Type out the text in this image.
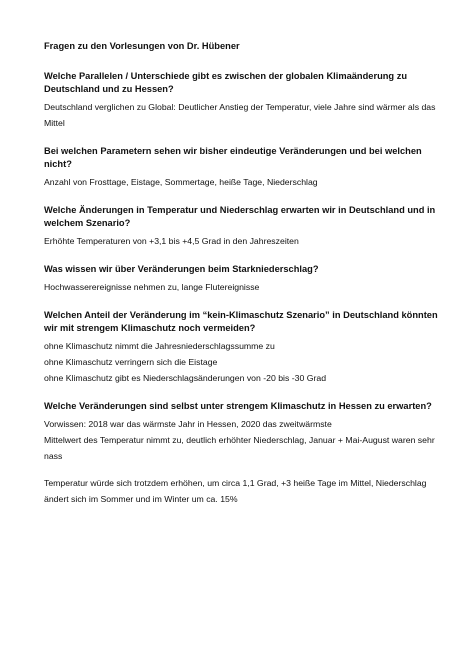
Fragen zu den Vorlesungen von Dr. Hübener
Welche Parallelen / Unterschiede gibt es zwischen der globalen Klimaänderung zu Deutschland und zu Hessen?

Deutschland verglichen zu Global: Deutlicher Anstieg der Temperatur, viele Jahre sind wärmer als das Mittel

Bei welchen Parametern sehen wir bisher eindeutige Veränderungen und bei welchen nicht?

Anzahl von Frosttage, Eistage, Sommertage, heiße Tage, Niederschlag

Welche Änderungen in Temperatur und Niederschlag erwarten wir in Deutschland und in welchem Szenario?

Erhöhte Temperaturen von +3,1 bis +4,5 Grad in den Jahreszeiten

Was wissen wir über Veränderungen beim Starkniederschlag?

Hochwasserereignisse nehmen zu, lange Flutereignisse

Welchen Anteil der Veränderung im “kein-Klimaschutz Szenario” in Deutschland könnten wir mit strengem Klimaschutz noch vermeiden?

ohne Klimaschutz nimmt die Jahresniederschlagssumme zu

ohne Klimaschutz verringern sich die Eistage

ohne Klimaschutz gibt es Niederschlagsänderungen von -20 bis -30 Grad

Welche Veränderungen sind selbst unter strengem Klimaschutz in Hessen zu erwarten?

Vorwissen: 2018 war das wärmste Jahr in Hessen, 2020 das zweitwärmste

Mittelwert des Temperatur nimmt zu, deutlich erhöhter Niederschlag, Januar + Mai-August waren sehr nass

Temperatur würde sich trotzdem erhöhen, um circa 1,1 Grad, +3 heiße Tage im Mittel, Niederschlag ändert sich im Sommer und im Winter um ca. 15%
